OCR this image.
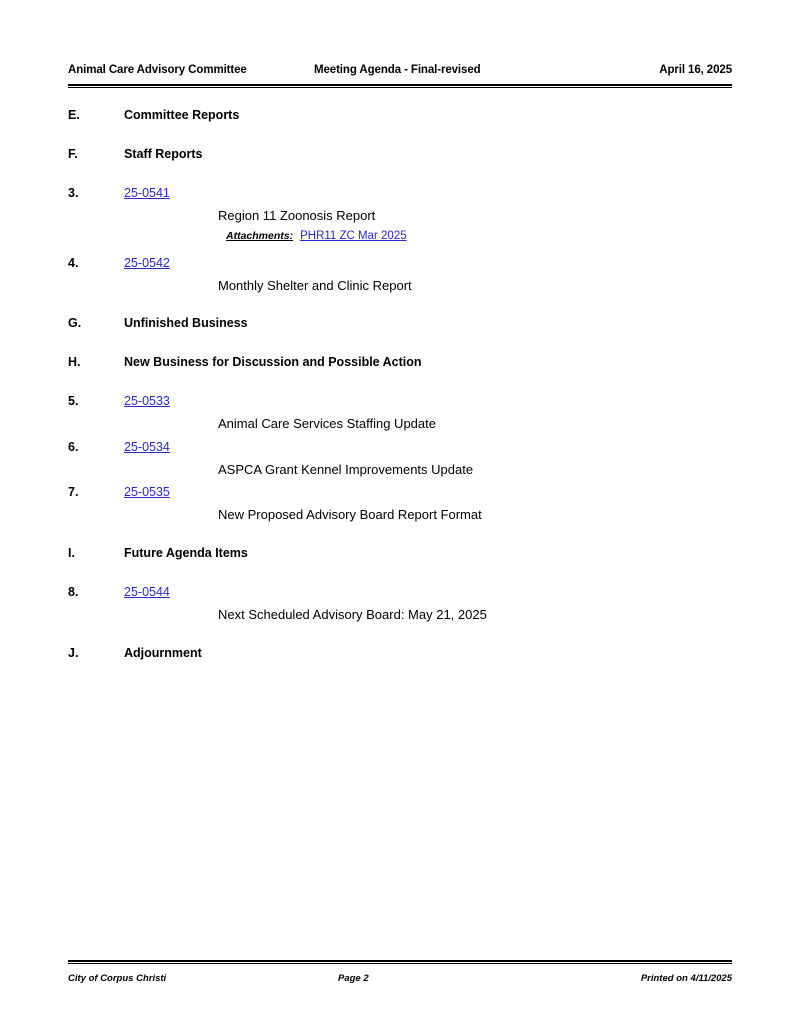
Animal Care Advisory Committee	Meeting Agenda - Final-revised	April 16, 2025
E.	Committee Reports
F.	Staff Reports
3.	25-0541
Region 11 Zoonosis Report
Attachments: PHR11 ZC Mar 2025
4.	25-0542
Monthly Shelter and Clinic Report
G.	Unfinished Business
H.	New Business for Discussion and Possible Action
5.	25-0533
Animal Care Services Staffing Update
6.	25-0534
ASPCA Grant Kennel Improvements Update
7.	25-0535
New Proposed Advisory Board Report Format
I.	Future Agenda Items
8.	25-0544
Next Scheduled Advisory Board: May 21, 2025
J.	Adjournment
City of Corpus Christi	Page 2	Printed on 4/11/2025
